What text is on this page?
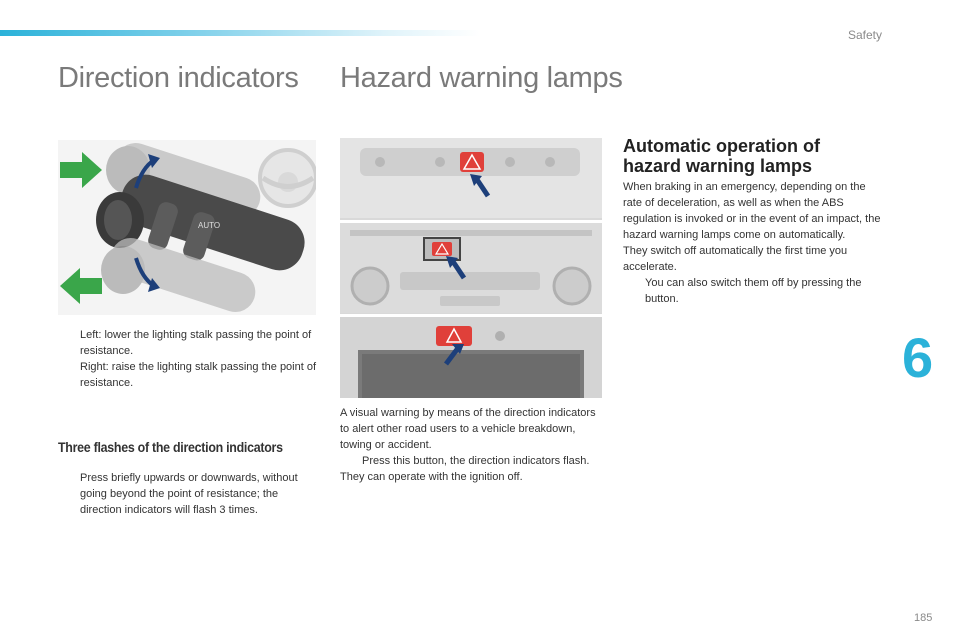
Safety
6
185
Direction indicators Hazard warning lamps
AUTO
Left: lower the lighting stalk passing the point of resistance.
Right: raise the lighting stalk passing the point of resistance.
Three flashes of the direction indicators
Press briefly upwards or downwards, without going beyond the point of resistance; the direction indicators will flash 3 times.
A visual warning by means of the direction indicators to alert other road users to a vehicle breakdown, towing or accident.
Press this button, the direction indicators flash.
They can operate with the ignition off.
Automatic operation of
hazard warning lamps
When braking in an emergency, depending on the rate of deceleration, as well as when the ABS regulation is invoked or in the event of an impact, the hazard warning lamps come on automatically.
They switch off automatically the first time you accelerate.
You can also switch them off by pressing the button.
